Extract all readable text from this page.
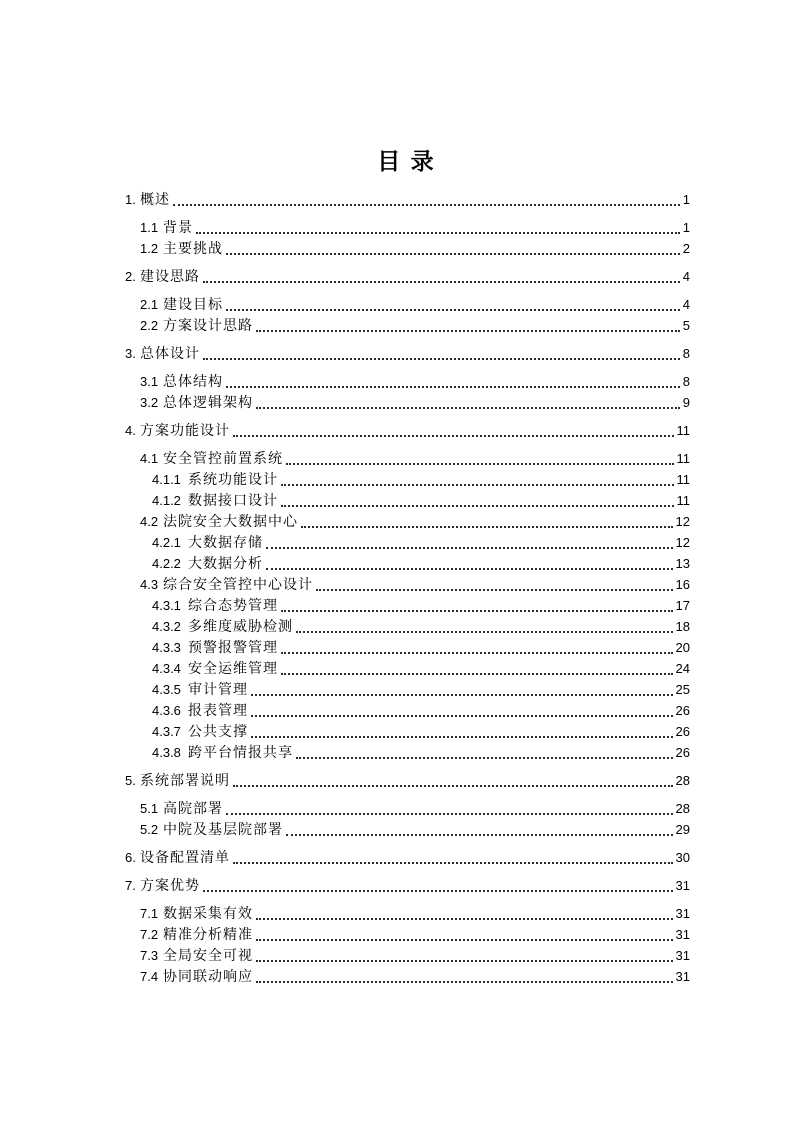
目 录
1. 概述	1
1.1 背景	1
1.2 主要挑战	2
2. 建设思路	4
2.1 建设目标	4
2.2 方案设计思路	5
3. 总体设计	8
3.1 总体结构	8
3.2 总体逻辑架构	9
4. 方案功能设计	11
4.1 安全管控前置系统	11
4.1.1 系统功能设计	11
4.1.2 数据接口设计	11
4.2 法院安全大数据中心	12
4.2.1 大数据存储	12
4.2.2 大数据分析	13
4.3 综合安全管控中心设计	16
4.3.1 综合态势管理	17
4.3.2 多维度威胁检测	18
4.3.3 预警报警管理	20
4.3.4 安全运维管理	24
4.3.5 审计管理	25
4.3.6 报表管理	26
4.3.7 公共支撑	26
4.3.8 跨平台情报共享	26
5. 系统部署说明	28
5.1 高院部署	28
5.2 中院及基层院部署	29
6. 设备配置清单	30
7. 方案优势	31
7.1 数据采集有效	31
7.2 精准分析精准	31
7.3 全局安全可视	31
7.4 协同联动响应	31
